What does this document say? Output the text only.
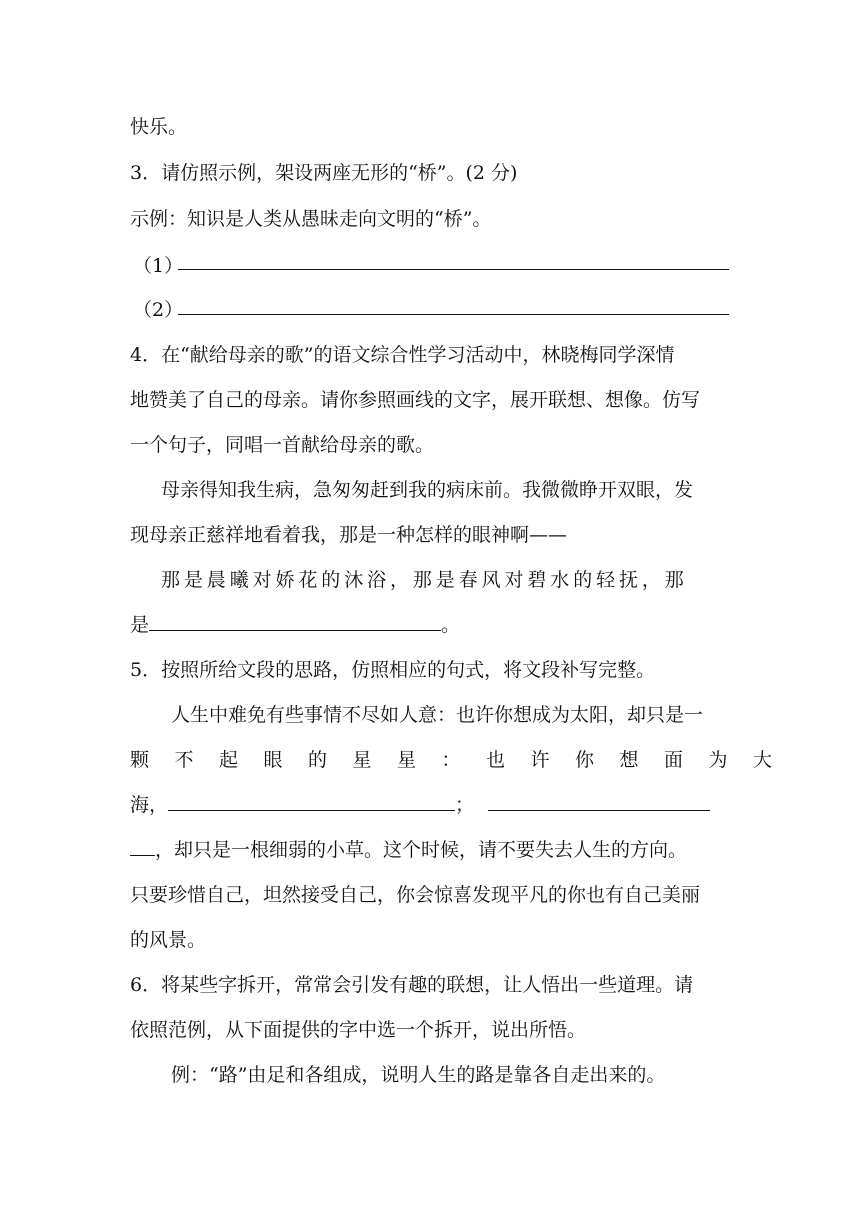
快乐。
3．请仿照示例，架设两座无形的“桥”。(2 分)
示例：知识是人类从愚昧走向文明的“桥”。
（1）
（2）
4．在“献给母亲的歌”的语文综合性学习活动中，林晓梅同学深情
地赞美了自己的母亲。请你参照画线的文字，展开联想、想像。仿写
一个句子，同唱一首献给母亲的歌。
母亲得知我生病，急匆匆赶到我的病床前。我微微睁开双眼，发
现母亲正慈祥地看着我，那是一种怎样的眼神啊——
那是晨曦对娇花的沐浴，那是春风对碧水的轻抚，那
是	。
5．按照所给文段的思路，仿照相应的句式，将文段补写完整。
人生中难免有些事情不尽如人意：也许你想成为太阳，却只是一
颗不起眼的星星：也许你想面为大
海，	；
，却只是一根细弱的小草。这个时候，请不要失去人生的方向。
只要珍惜自己，坦然接受自己，你会惊喜发现平凡的你也有自己美丽
的风景。
6．将某些字拆开，常常会引发有趣的联想，让人悟出一些道理。请
依照范例，从下面提供的字中选一个拆开，说出所悟。
例：“路”由足和各组成，说明人生的路是靠各自走出来的。
